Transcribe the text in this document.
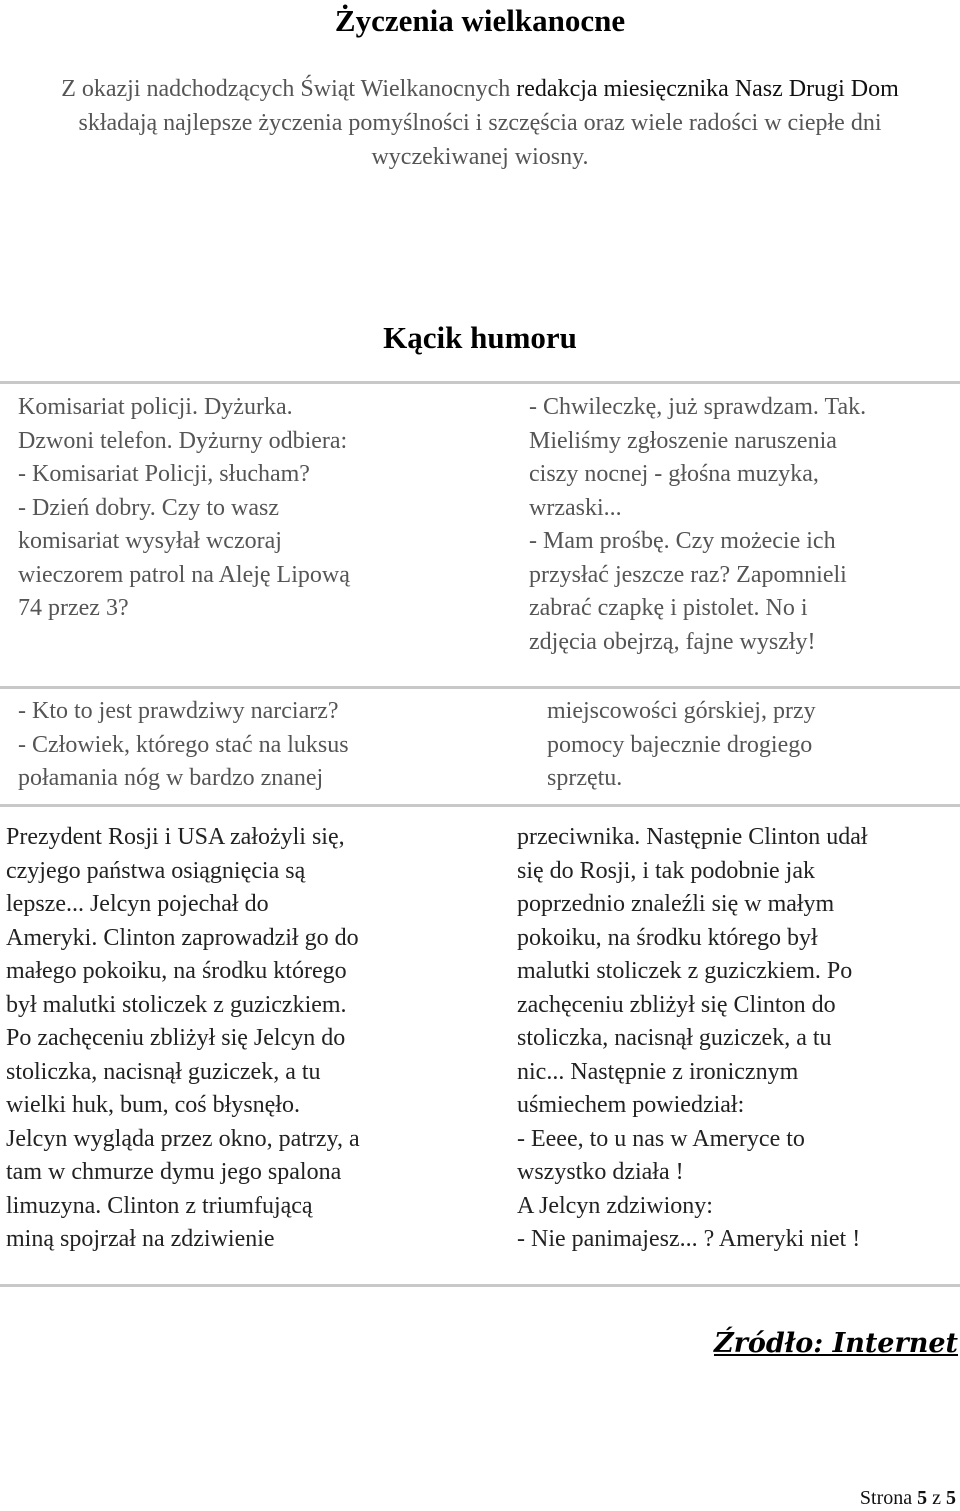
Życzenia wielkanocne
Z okazji nadchodzących Świąt Wielkanocnych redakcja miesięcznika Nasz Drugi Dom składają najlepsze życzenia pomyślności i szczęścia oraz wiele radości w ciepłe dni wyczekiwanej wiosny.
Kącik humoru

Komisariat policji. Dyżurka.
Dzwoni telefon. Dyżurny odbiera:
- Komisariat Policji, słucham?
- Dzień dobry. Czy to wasz
komisariat wysyłał wczoraj
wieczorem patrol na Aleję Lipową
74 przez 3?

- Chwileczkę, już sprawdzam. Tak.
Mieliśmy zgłoszenie naruszenia
ciszy nocnej - głośna muzyka,
wrzaski...
- Mam prośbę. Czy możecie ich
przysłać jeszcze raz? Zapomnieli
zabrać czapkę i pistolet. No i
zdjęcia obejrzą, fajne wyszły!

- Kto to jest prawdziwy narciarz?
- Człowiek, którego stać na luksus
połamania nóg w bardzo znanej

miejscowości górskiej, przy
pomocy bajecznie drogiego
sprzętu.

Prezydent Rosji i USA założyli się,
czyjego państwa osiągnięcia są
lepsze... Jelcyn pojechał do
Ameryki. Clinton zaprowadził go do
małego pokoiku, na środku którego
był malutki stoliczek z guziczkiem.
Po zachęceniu zbliżył się Jelcyn do
stoliczka, nacisnął guziczek, a tu
wielki huk, bum, coś błysnęło.
Jelcyn wygląda przez okno, patrzy, a
tam w chmurze dymu jego spalona
limuzyna. Clinton z triumfującą
miną spojrzał na zdziwienie

przeciwnika. Następnie Clinton udał
się do Rosji, i tak podobnie jak
poprzednio znaleźli się w małym
pokoiku, na środku którego był
malutki stoliczek z guziczkiem. Po
zachęceniu zbliżył się Clinton do
stoliczka, nacisnął guziczek, a tu
nic... Następnie z ironicznym
uśmiechem powiedział:
- Eeee, to u nas w Ameryce to
wszystko działa !
A Jelcyn zdziwiony:
- Nie panimajesz... ? Ameryki niet !

Źródło: Internet
Strona 5 z 5
